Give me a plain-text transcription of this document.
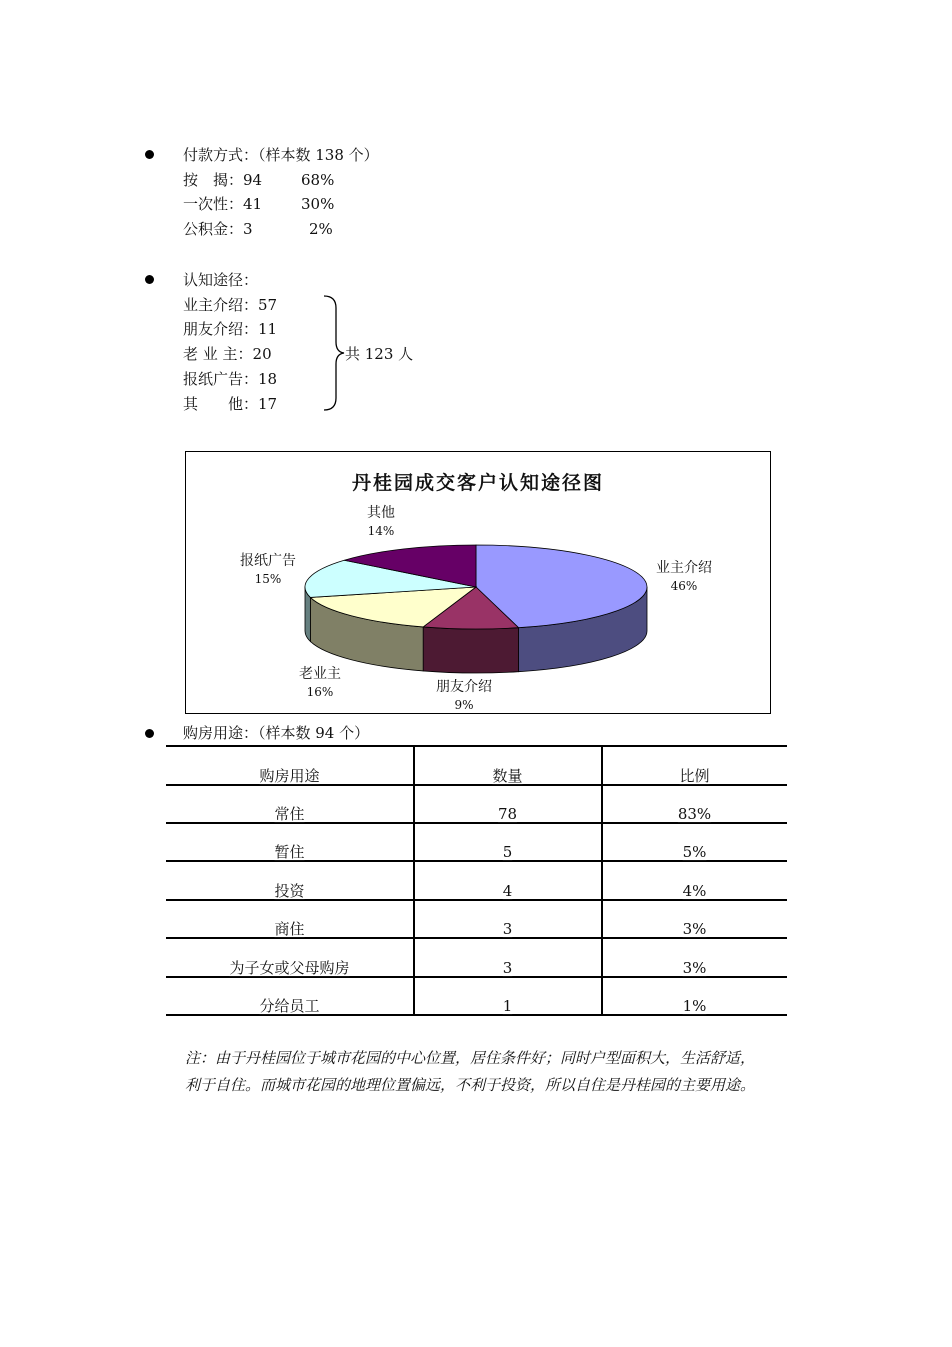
付款方式：（样本数 138 个）
按　揭：94	68%
一次性：41	30%
公积金：3	2%
认知途径：
业主介绍：57
朋友介绍：11
老 业 主：20
报纸广告：18
其　　他：17
共 123 人
丹桂园成交客户认知途径图
其他
14%
报纸广告
15%
业主介绍
46%
老业主
16%	朋友介绍
9%
购房用途：（样本数 94 个）
购房用途	数量	比例
常住	78	83%
暂住	5	5%
投资	4	4%
商住	3	3%
为子女或父母购房	3	3%
分给员工	1	1%
注：由于丹桂园位于城市花园的中心位置，居住条件好；同时户型面积大，生活舒适，
利于自住。而城市花园的地理位置偏远，不利于投资，所以自住是丹桂园的主要用途。
